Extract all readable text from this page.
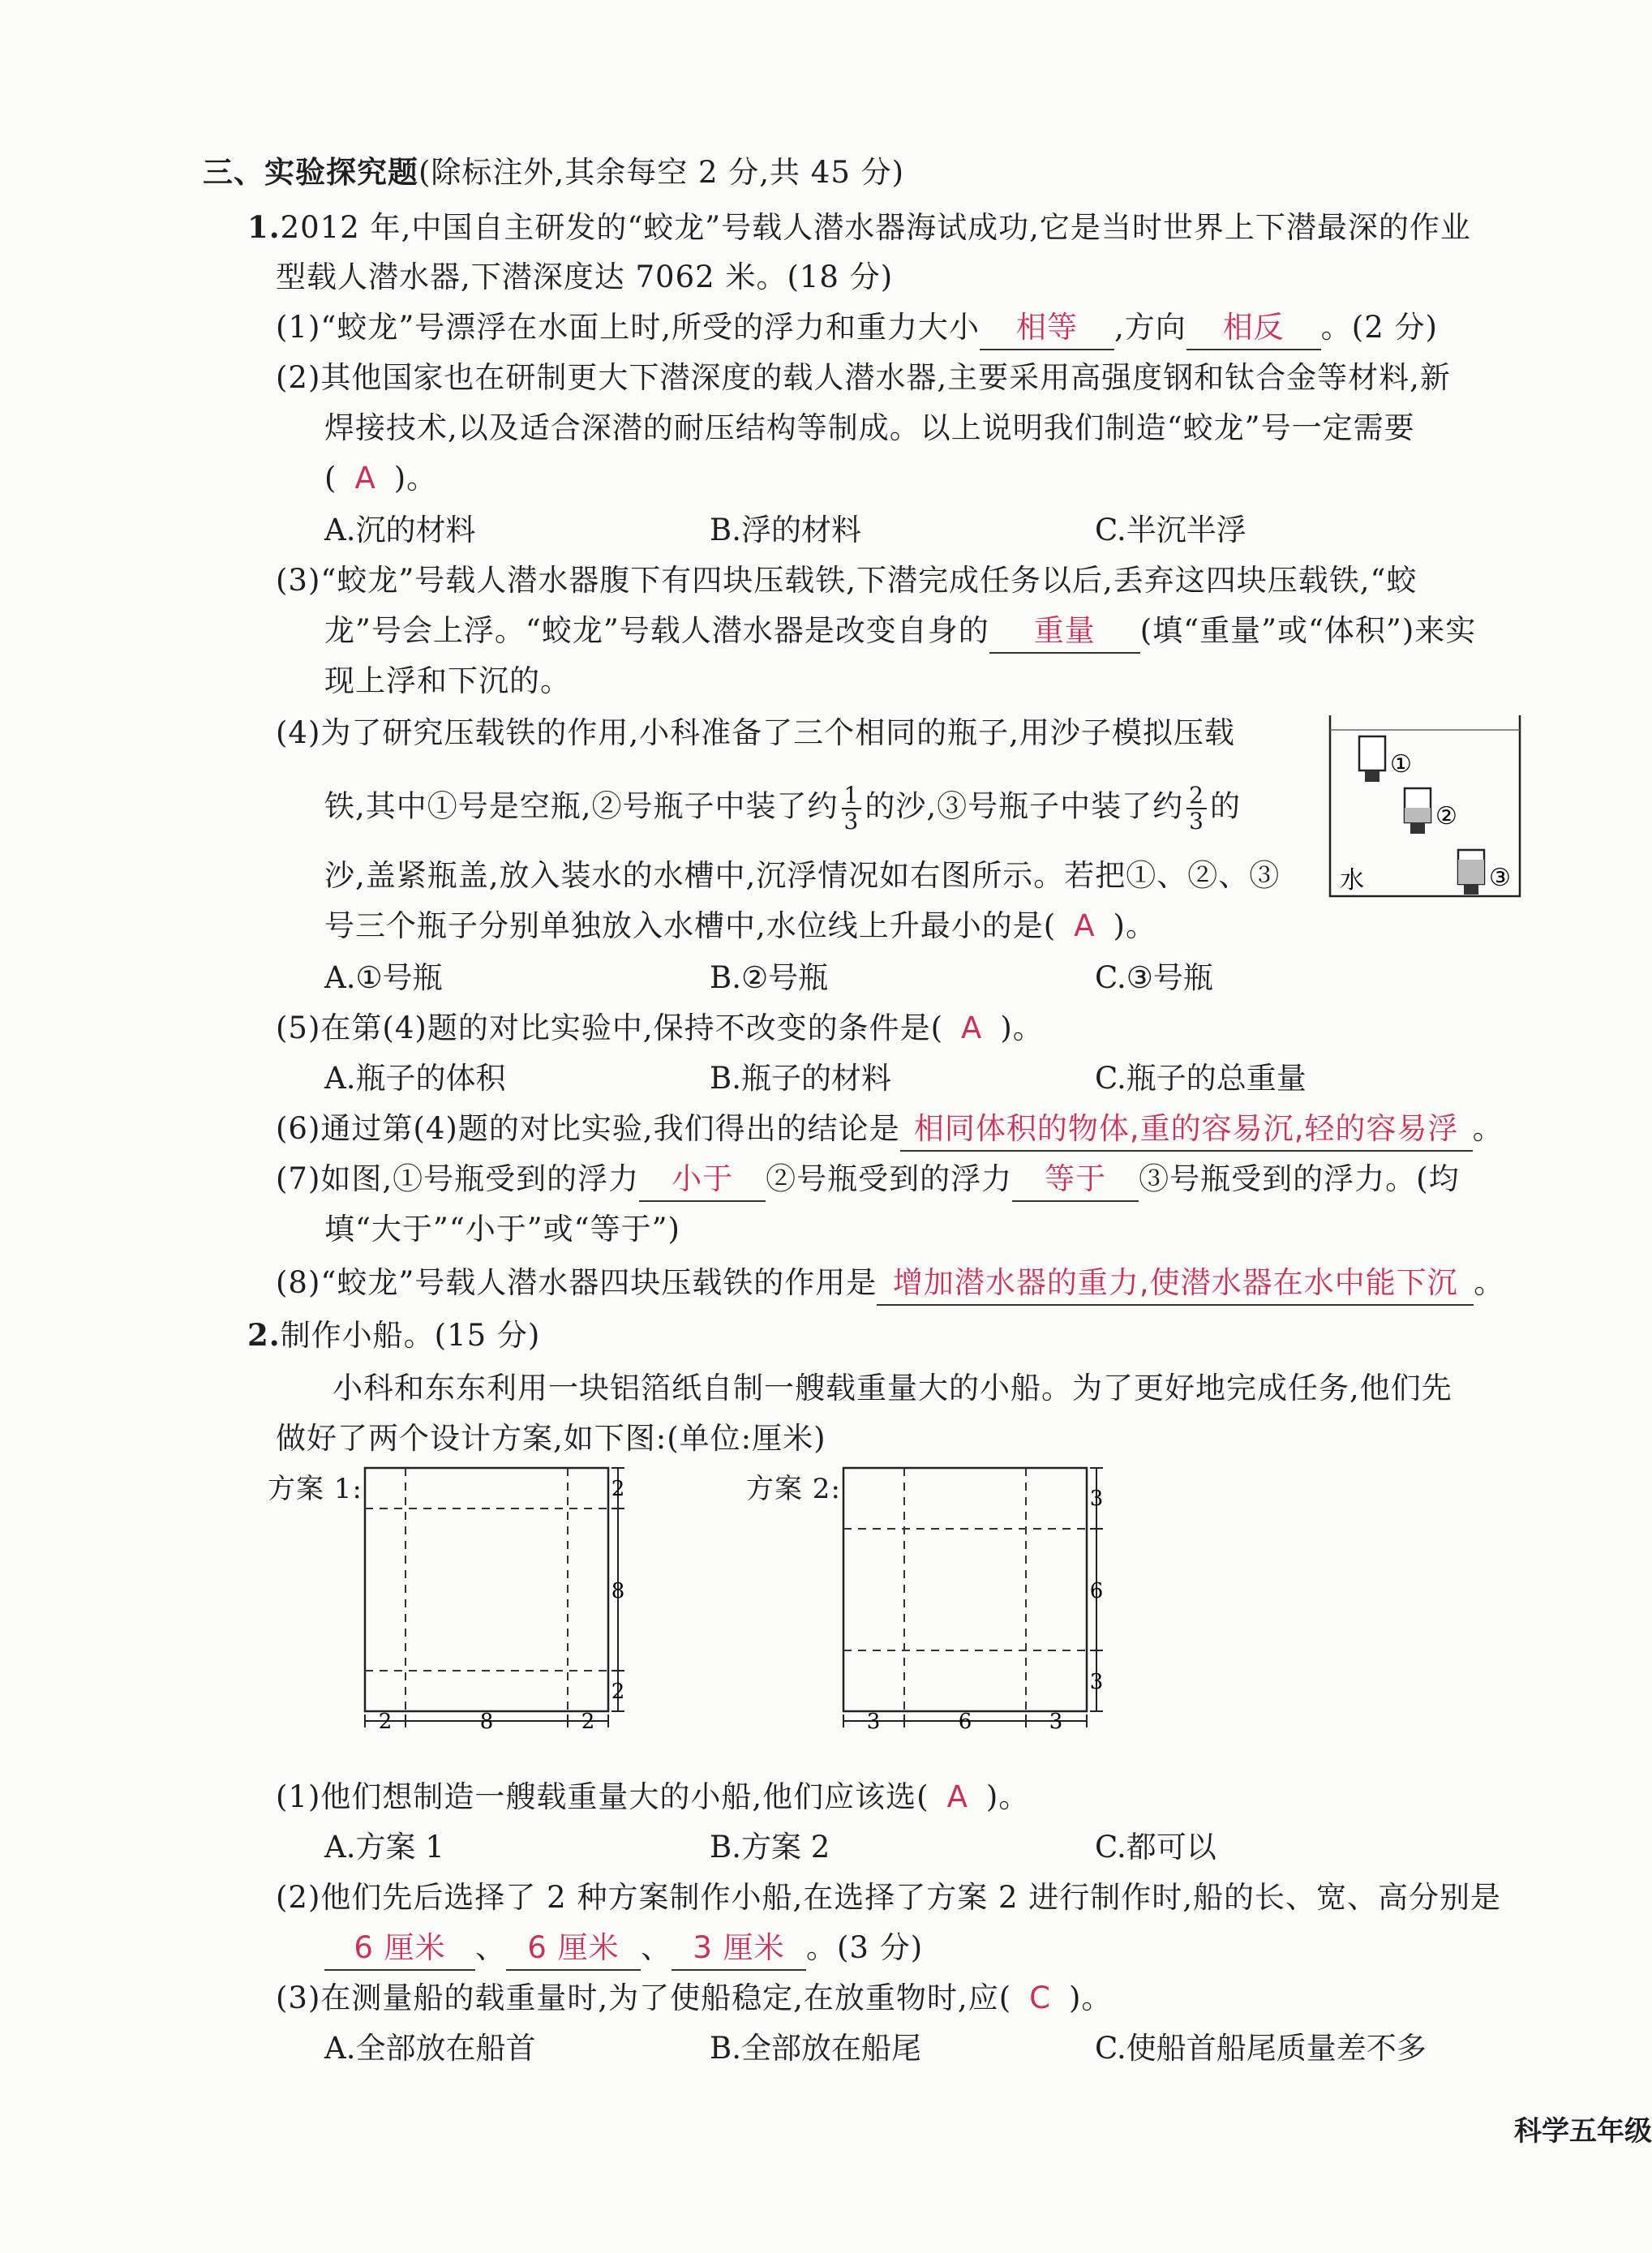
三、实验探究题(除标注外,其余每空 2 分,共 45 分)
1.2012 年,中国自主研发的“蛟龙”号载人潜水器海试成功,它是当时世界上下潜最深的作业
型载人潜水器,下潜深度达 7062 米。(18 分)
(1)“蛟龙”号漂浮在水面上时,所受的浮力和重力大小 相等 ,方向 相反 。(2 分)
(2)其他国家也在研制更大下潜深度的载人潜水器,主要采用高强度钢和钛合金等材料,新
焊接技术,以及适合深潜的耐压结构等制成。以上说明我们制造“蛟龙”号一定需要
( A )。
A.沉的材料	B.浮的材料	C.半沉半浮
(3)“蛟龙”号载人潜水器腹下有四块压载铁,下潜完成任务以后,丢弃这四块压载铁,“蛟
龙”号会上浮。“蛟龙”号载人潜水器是改变自身的 重量 (填“重量”或“体积”)来实
现上浮和下沉的。
(4)为了研究压载铁的作用,小科准备了三个相同的瓶子,用沙子模拟压载
铁,其中①号是空瓶,②号瓶子中装了约 $\frac{1}{3}$ 的沙,③号瓶子中装了约 $\frac{2}{3}$ 的
沙,盖紧瓶盖,放入装水的水槽中,沉浮情况如右图所示。若把①、②、③
号三个瓶子分别单独放入水槽中,水位线上升最小的是( A )。
A.①号瓶	B.②号瓶	C.③号瓶
①
②
③
水
(5)在第(4)题的对比实验中,保持不改变的条件是( A )。
A.瓶子的体积	B.瓶子的材料	C.瓶子的总重量
(6)通过第(4)题的对比实验,我们得出的结论是 相同体积的物体,重的容易沉,轻的容易浮 。
(7)如图,①号瓶受到的浮力 小于 ②号瓶受到的浮力 等于 ③号瓶受到的浮力。(均
填“大于”“小于”或“等于”)
(8)“蛟龙”号载人潜水器四块压载铁的作用是 增加潜水器的重力,使潜水器在水中能下沉 。
2.制作小船。(15 分)
小科和东东利用一块铝箔纸自制一艘载重量大的小船。为了更好地完成任务,他们先
做好了两个设计方案,如下图:(单位:厘米)
方案 1:	2
8
2
2	8	2
方案 2:	3
6
3
3	6	3
(1)他们想制造一艘载重量大的小船,他们应该选( A )。
A.方案 1	B.方案 2	C.都可以
(2)他们先后选择了 2 种方案制作小船,在选择了方案 2 进行制作时,船的长、宽、高分别是
6 厘米 、 6 厘米 、 3 厘米 。(3 分)
(3)在测量船的载重量时,为了使船稳定,在放重物时,应( C )。
A.全部放在船首	B.全部放在船尾	C.使船首船尾质量差不多
科学五年级
